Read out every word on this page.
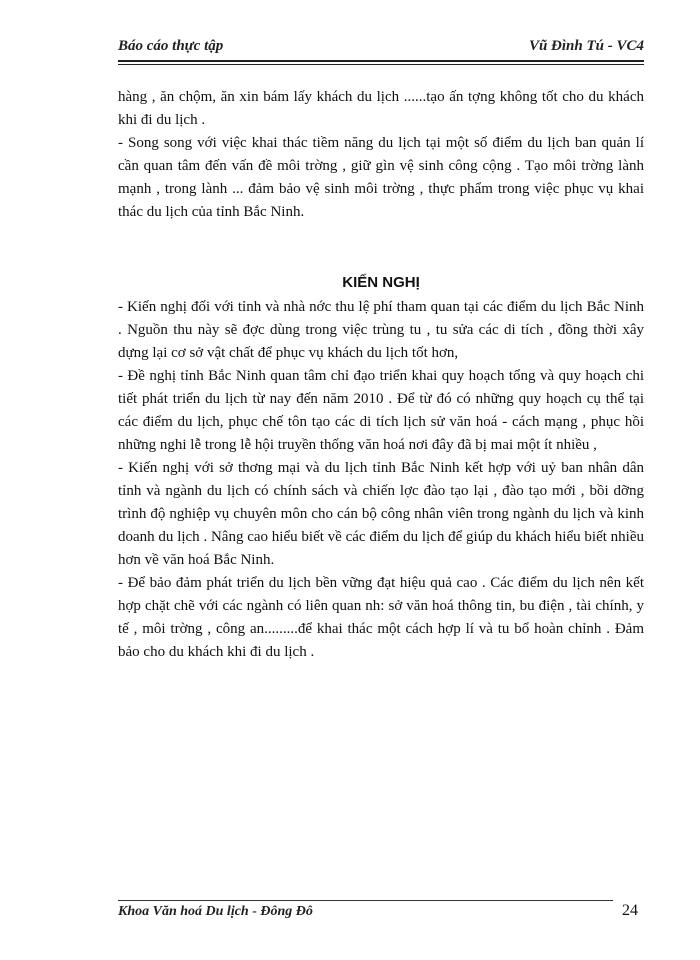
Báo cáo thực tập	Vũ Đình Tú - VC4

hàng , ăn chộm, ăn xin bám lấy khách du lịch ......tạo ấn tợng không tốt cho du khách khi đi du lịch .

- Song song với việc khai thác tiềm năng du lịch tại một số điểm du lịch ban quản lí cần quan tâm đến vấn đề môi trờng , giữ gìn vệ sinh công cộng . Tạo môi trờng lành mạnh , trong lành ... đảm bảo vệ sinh môi trờng , thực phẩm trong việc phục vụ khai thác du lịch của tỉnh Bắc Ninh.

KIẾN NGHỊ

- Kiến nghị đối với tỉnh và nhà nớc thu lệ phí tham quan tại các điểm du lịch Bắc Ninh . Nguồn thu này sẽ đợc dùng trong việc trùng tu , tu sửa các di tích , đồng thời xây dựng lại cơ sở vật chất để phục vụ khách du lịch tốt hơn,

- Đề nghị tỉnh Bắc Ninh quan tâm chỉ đạo triển khai quy hoạch tổng và quy hoạch chi tiết phát triển du lịch từ nay đến năm 2010 . Để từ đó có những quy hoạch cụ thể tại các điểm du lịch, phục chế tôn tạo các di tích lịch sử văn hoá - cách mạng , phục hồi những nghi lễ trong lễ hội truyền thống văn hoá nơi đây đã bị mai một ít nhiều ,

- Kiến nghị với sở thơng mại và du lịch tỉnh Bắc Ninh kết hợp với uỷ ban nhân dân tỉnh và ngành du lịch có chính sách và chiến lợc đào tạo lại , đào tạo mới , bồi dỡng trình độ nghiệp vụ chuyên môn cho cán bộ công nhân viên trong ngành du lịch và kinh doanh du lịch . Nâng cao hiểu biết về các điểm du lịch để giúp du khách hiểu biết nhiều hơn về văn hoá Bắc Ninh.

- Để bảo đảm phát triển du lịch bền vững đạt hiệu quả cao . Các điểm du lịch nên kết hợp chặt chẽ với các ngành có liên quan nh: sở văn hoá thông tin, bu điện , tài chính, y tế , môi trờng , công an.........để khai thác một cách hợp lí và tu bổ hoàn chỉnh . Đảm bảo cho du khách khi đi du lịch .

Khoa Văn hoá Du lịch - Đông Đô	24
